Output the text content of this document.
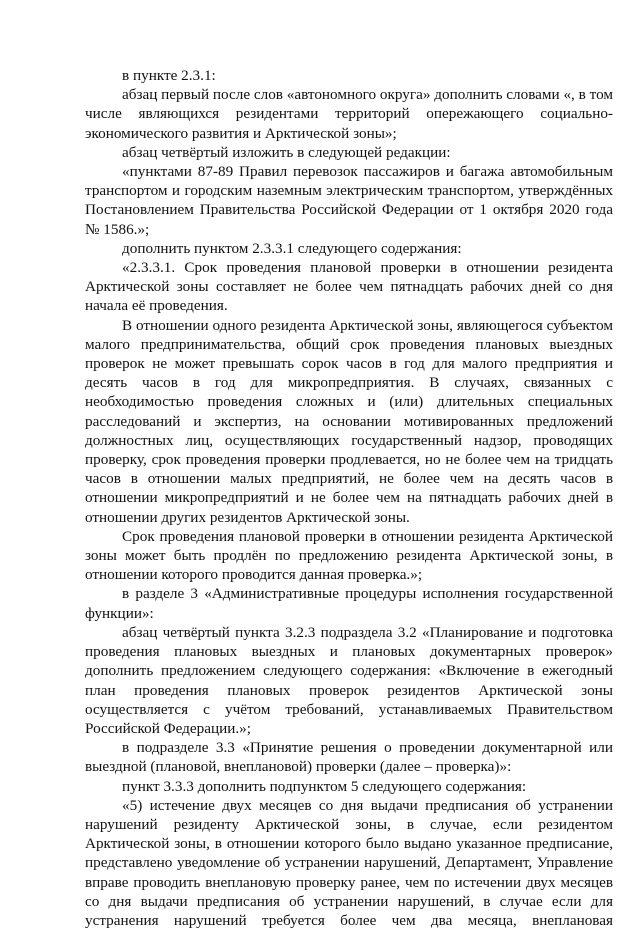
в пункте 2.3.1:

абзац первый после слов «автономного округа» дополнить словами «, в том числе являющихся резидентами территорий опережающего социально-экономического развития и Арктической зоны»;

абзац четвёртый изложить в следующей редакции:

«пунктами 87-89 Правил перевозок пассажиров и багажа автомобильным транспортом и городским наземным электрическим транспортом, утверждённых Постановлением Правительства Российской Федерации от 1 октября 2020 года № 1586.»;

дополнить пунктом 2.3.3.1 следующего содержания:

«2.3.3.1. Срок проведения плановой проверки в отношении резидента Арктической зоны составляет не более чем пятнадцать рабочих дней со дня начала её проведения.

В отношении одного резидента Арктической зоны, являющегося субъектом малого предпринимательства, общий срок проведения плановых выездных проверок не может превышать сорок часов в год для малого предприятия и десять часов в год для микропредприятия. В случаях, связанных с необходимостью проведения сложных и (или) длительных специальных расследований и экспертиз, на основании мотивированных предложений должностных лиц, осуществляющих государственный надзор, проводящих проверку, срок проведения проверки продлевается, но не более чем на тридцать часов в отношении малых предприятий, не более чем на десять часов в отношении микропредприятий и не более чем на пятнадцать рабочих дней в отношении других резидентов Арктической зоны.

Срок проведения плановой проверки в отношении резидента Арктической зоны может быть продлён по предложению резидента Арктической зоны, в отношении которого проводится данная проверка.»;

в разделе 3 «Административные процедуры исполнения государственной функции»:

абзац четвёртый пункта 3.2.3 подраздела 3.2 «Планирование и подготовка проведения плановых выездных и плановых документарных проверок» дополнить предложением следующего содержания: «Включение в ежегодный план проведения плановых проверок резидентов Арктической зоны осуществляется с учётом требований, устанавливаемых Правительством Российской Федерации.»;

в подразделе 3.3 «Принятие решения о проведении документарной или выездной (плановой, внеплановой) проверки (далее – проверка)»:

пункт 3.3.3 дополнить подпунктом 5 следующего содержания:

«5) истечение двух месяцев со дня выдачи предписания об устранении нарушений резиденту Арктической зоны, в случае, если резидентом Арктической зоны, в отношении которого было выдано указанное предписание, представлено уведомление об устранении нарушений, Департамент, Управление вправе проводить внеплановую проверку ранее, чем по истечении двух месяцев со дня выдачи предписания об устранении нарушений, в случае если для устранения нарушений требуется более чем два месяца, внеплановая
